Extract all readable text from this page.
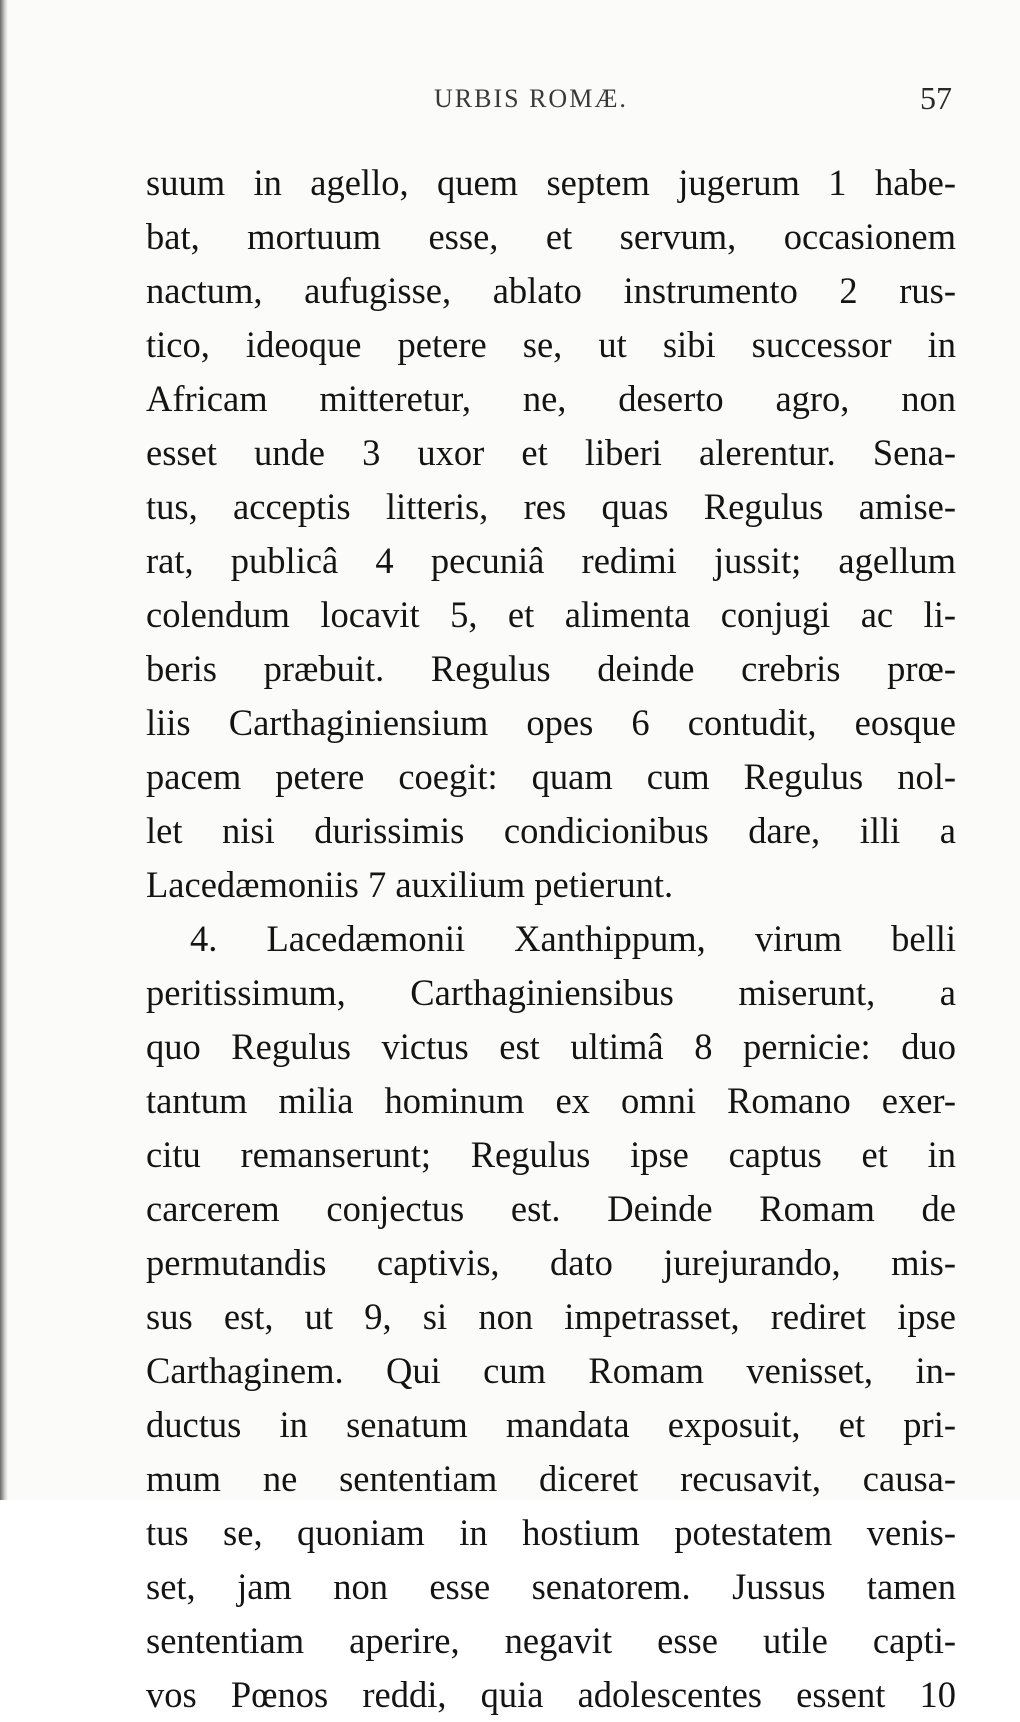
URBIS ROMÆ.	57
suum in agello, quem septem jugerum 1 habe-
bat, mortuum esse, et servum, occasionem
nactum, aufugisse, ablato instrumento 2 rus-
tico, ideoque petere se, ut sibi successor in
Africam mitteretur, ne, deserto agro, non
esset unde 3 uxor et liberi alerentur. Sena-
tus, acceptis litteris, res quas Regulus amise-
rat, publicâ 4 pecuniâ redimi jussit; agellum
colendum locavit 5, et alimenta conjugi ac li-
beris præbuit. Regulus deinde crebris prœ-
liis Carthaginiensium opes 6 contudit, eosque
pacem petere coegit: quam cum Regulus nol-
let nisi durissimis condicionibus dare, illi a
Lacedæmoniis 7 auxilium petierunt.
4. Lacedæmonii Xanthippum, virum belli
peritissimum, Carthaginiensibus miserunt, a
quo Regulus victus est ultimâ 8 pernicie: duo
tantum milia hominum ex omni Romano exer-
citu remanserunt; Regulus ipse captus et in
carcerem conjectus est. Deinde Romam de
permutandis captivis, dato jurejurando, mis-
sus est, ut 9, si non impetrasset, rediret ipse
Carthaginem. Qui cum Romam venisset, in-
ductus in senatum mandata exposuit, et pri-
mum ne sententiam diceret recusavit, causa-
tus se, quoniam in hostium potestatem venis-
set, jam non esse senatorem. Jussus tamen
sententiam aperire, negavit esse utile capti-
vos Pœnos reddi, quia adolescentes essent 10
